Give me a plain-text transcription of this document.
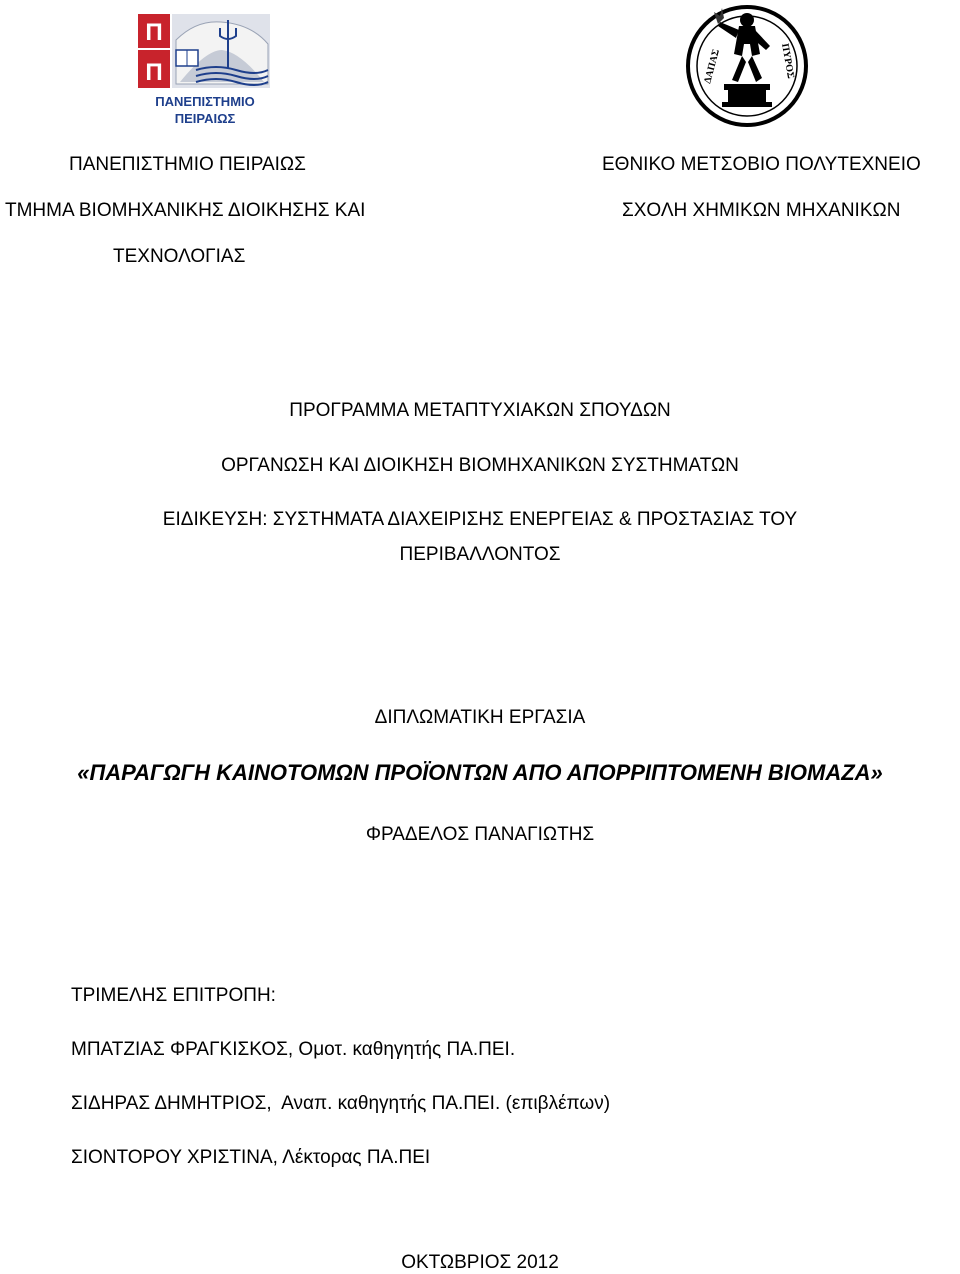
Π
Π
ΠΑΝΕΠΙΣΤΗΜΙΟ
ΠΕΙΡΑΙΩΣ
ΔΑΠΑΣ	ΠΥΡΟΣ
ΠΑΝΕΠΙΣΤΗΜΙΟ ΠΕΙΡΑΙΩΣ
ΤΜΗΜΑ ΒΙΟΜΗΧΑΝΙΚΗΣ ΔΙΟΙΚΗΣΗΣ ΚΑΙ
ΤΕΧΝΟΛΟΓΙΑΣ
ΕΘΝΙΚΟ ΜΕΤΣΟΒΙΟ ΠΟΛΥΤΕΧΝΕΙΟ
ΣΧΟΛΗ ΧΗΜΙΚΩΝ ΜΗΧΑΝΙΚΩΝ
ΠΡΟΓΡΑΜΜΑ ΜΕΤΑΠΤΥΧΙΑΚΩΝ ΣΠΟΥΔΩΝ
ΟΡΓΑΝΩΣΗ ΚΑΙ ΔΙΟΙΚΗΣΗ ΒΙΟΜΗΧΑΝΙΚΩΝ ΣΥΣΤΗΜΑΤΩΝ
ΕΙΔΙΚΕΥΣΗ: ΣΥΣΤΗΜΑΤΑ ΔΙΑΧΕΙΡΙΣΗΣ ΕΝΕΡΓΕΙΑΣ & ΠΡΟΣΤΑΣΙΑΣ ΤΟΥ
ΠΕΡΙΒΑΛΛΟΝΤΟΣ
ΔΙΠΛΩΜΑΤΙΚΗ ΕΡΓΑΣΙΑ
«ΠΑΡΑΓΩΓΗ ΚΑΙΝΟΤΟΜΩΝ ΠΡΟΪΟΝΤΩΝ ΑΠΟ ΑΠΟΡΡΙΠΤΟΜΕΝΗ ΒΙΟΜΑΖΑ»
ΦΡΑΔΕΛΟΣ ΠΑΝΑΓΙΩΤΗΣ
ΤΡΙΜΕΛΗΣ ΕΠΙΤΡΟΠΗ:
ΜΠΑΤΖΙΑΣ ΦΡΑΓΚΙΣΚΟΣ, Ομοτ. καθηγητής ΠΑ.ΠΕΙ.
ΣΙΔΗΡΑΣ ΔΗΜΗΤΡΙΟΣ,  Αναπ. καθηγητής ΠΑ.ΠΕΙ. (επιβλέπων)
ΣΙΟΝΤΟΡΟΥ ΧΡΙΣΤΙΝΑ, Λέκτορας ΠΑ.ΠΕΙ
ΟΚΤΩΒΡΙΟΣ 2012
